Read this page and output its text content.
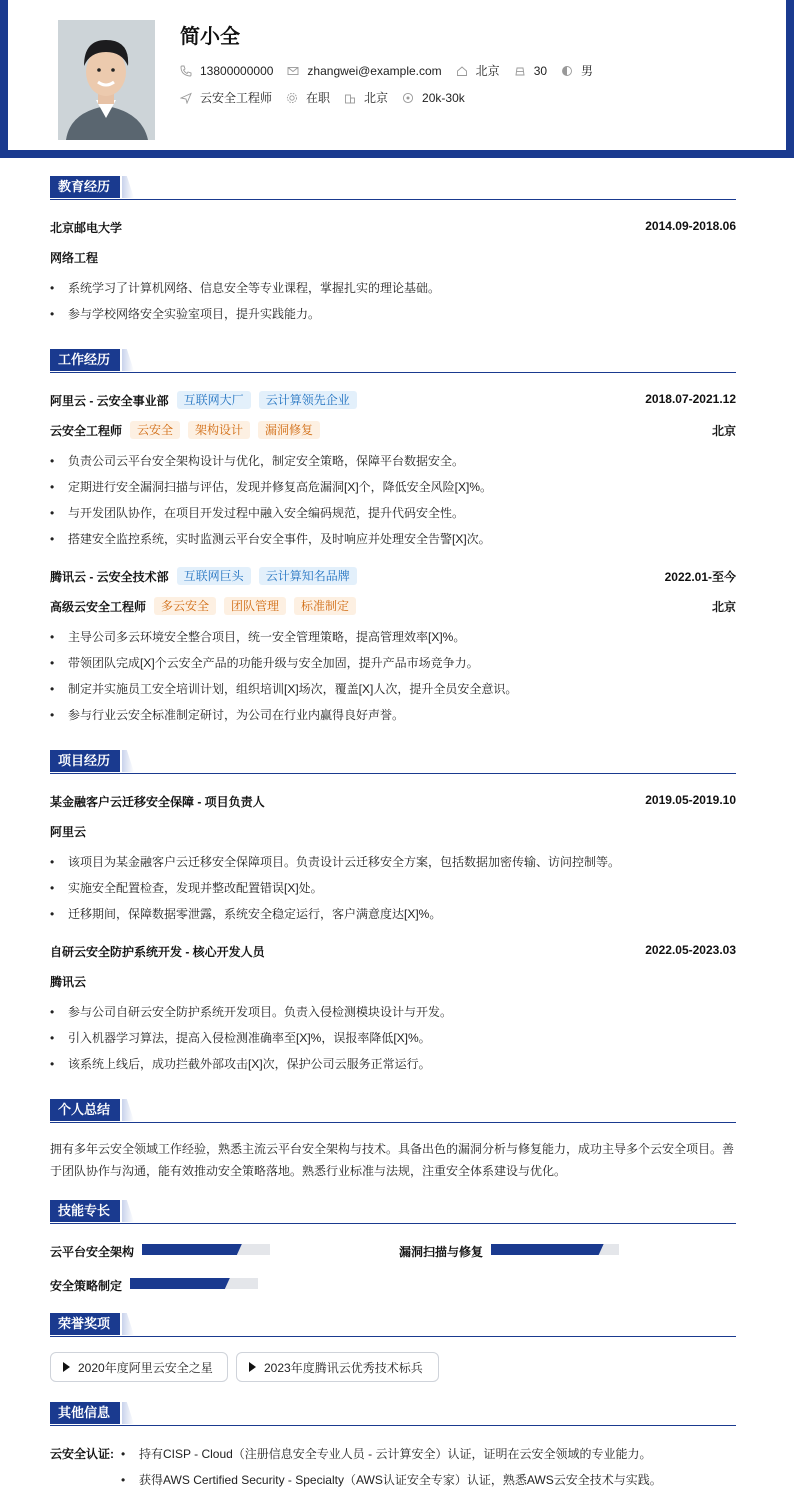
简小全
13800000000	zhangwei@example.com	北京	30	男
云安全工程师	在职	北京	20k-30k
教育经历
北京邮电大学	2014.09-2018.06
网络工程
• 系统学习了计算机网络、信息安全等专业课程，掌握扎实的理论基础。
• 参与学校网络安全实验室项目，提升实践能力。
工作经历
阿里云 - 云安全事业部	互联网大厂	云计算领先企业	2018.07-2021.12
云安全工程师	云安全	架构设计	漏洞修复	北京
• 负责公司云平台安全架构设计与优化，制定安全策略，保障平台数据安全。
• 定期进行安全漏洞扫描与评估，发现并修复高危漏洞[X]个，降低安全风险[X]%。
• 与开发团队协作，在项目开发过程中融入安全编码规范，提升代码安全性。
• 搭建安全监控系统，实时监测云平台安全事件，及时响应并处理安全告警[X]次。
腾讯云 - 云安全技术部	互联网巨头	云计算知名品牌	2022.01-至今
高级云安全工程师	多云安全	团队管理	标准制定	北京
• 主导公司多云环境安全整合项目，统一安全管理策略，提高管理效率[X]%。
• 带领团队完成[X]个云安全产品的功能升级与安全加固，提升产品市场竞争力。
• 制定并实施员工安全培训计划，组织培训[X]场次，覆盖[X]人次，提升全员安全意识。
• 参与行业云安全标准制定研讨，为公司在行业内赢得良好声誉。
项目经历
某金融客户云迁移安全保障 - 项目负责人	2019.05-2019.10
阿里云
• 该项目为某金融客户云迁移安全保障项目。负责设计云迁移安全方案，包括数据加密传输、访问控制等。
• 实施安全配置检查，发现并整改配置错误[X]处。
• 迁移期间，保障数据零泄露，系统安全稳定运行，客户满意度达[X]%。
自研云安全防护系统开发 - 核心开发人员	2022.05-2023.03
腾讯云
• 参与公司自研云安全防护系统开发项目。负责入侵检测模块设计与开发。
• 引入机器学习算法，提高入侵检测准确率至[X]%，误报率降低[X]%。
• 该系统上线后，成功拦截外部攻击[X]次，保护公司云服务正常运行。
个人总结
拥有多年云安全领域工作经验，熟悉主流云平台安全架构与技术。具备出色的漏洞分析与修复能力，成功主导多个云安全项目。善
于团队协作与沟通，能有效推动安全策略落地。熟悉行业标准与法规，注重安全体系建设与优化。
技能专长
云平台安全架构	漏洞扫描与修复
安全策略制定
荣誉奖项
2020年度阿里云安全之星	2023年度腾讯云优秀技术标兵
其他信息
云安全认证: • 持有CISP - Cloud（注册信息安全专业人员 - 云计算安全）认证，证明在云安全领域的专业能力。
• 获得AWS Certified Security - Specialty（AWS认证安全专家）认证，熟悉AWS云安全技术与实践。
